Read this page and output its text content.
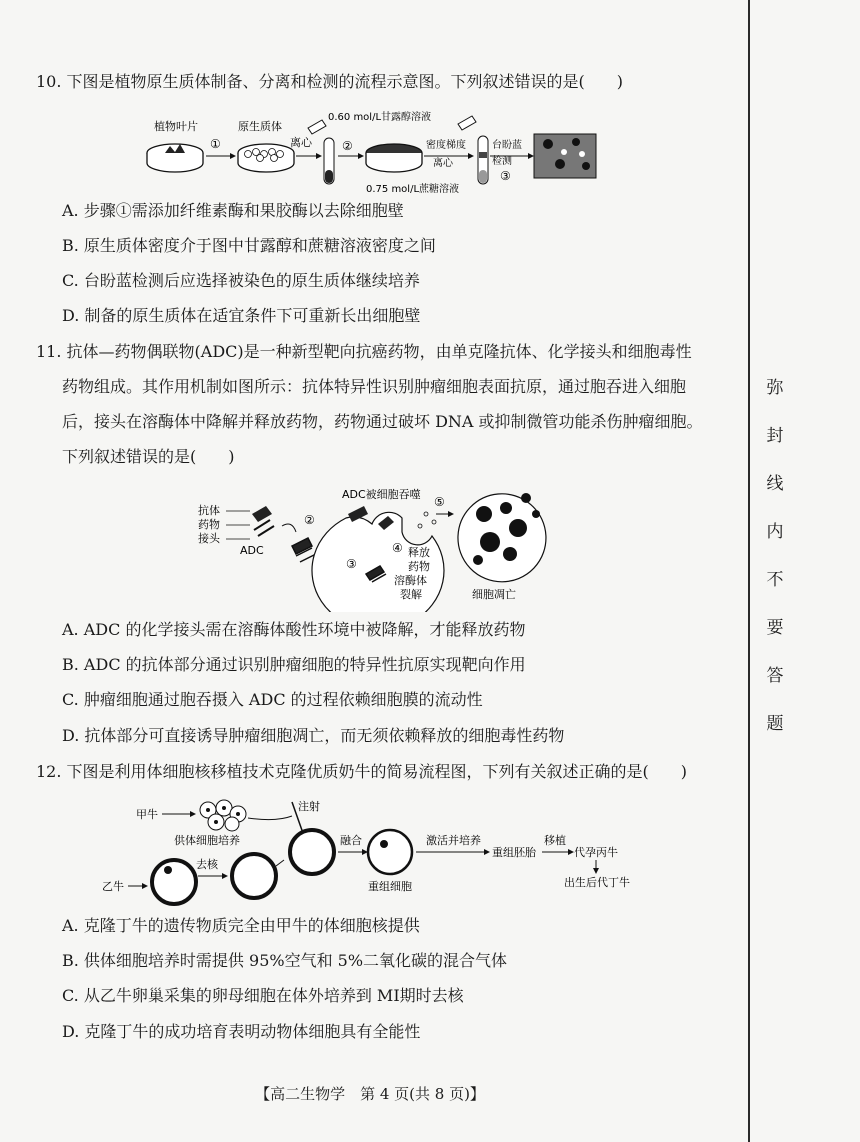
10. 下图是植物原生质体制备、分离和检测的流程示意图。下列叙述错误的是(　　)
植物叶片
①
原生质体
离心	②
0.60 mol/L甘露醇溶液
密度梯度
离心
0.75 mol/L蔗糖溶液
台盼蓝
检测
③
A. 步骤①需添加纤维素酶和果胶酶以去除细胞壁
B. 原生质体密度介于图中甘露醇和蔗糖溶液密度之间
C. 台盼蓝检测后应选择被染色的原生质体继续培养
D. 制备的原生质体在适宜条件下可重新长出细胞壁
11. 抗体—药物偶联物(ADC)是一种新型靶向抗癌药物，由单克隆抗体、化学接头和细胞毒性
药物组成。其作用机制如图所示：抗体特异性识别肿瘤细胞表面抗原，通过胞吞进入细胞
后，接头在溶酶体中降解并释放药物，药物通过破坏 DNA 或抑制微管功能杀伤肿瘤细胞。
下列叙述错误的是(　　)
抗体
药物
接头
ADC
②
ADC被细胞吞噬
③
④ 释放
药物
溶酶体
裂解
⑤
细胞凋亡
A. ADC 的化学接头需在溶酶体酸性环境中被降解，才能释放药物
B. ADC 的抗体部分通过识别肿瘤细胞的特异性抗原实现靶向作用
C. 肿瘤细胞通过胞吞摄入 ADC 的过程依赖细胞膜的流动性
D. 抗体部分可直接诱导肿瘤细胞凋亡，而无须依赖释放的细胞毒性药物
12. 下图是利用体细胞核移植技术克隆优质奶牛的简易流程图，下列有关叙述正确的是(　　)
甲牛
供体细胞培养
注射
乙牛
去核
融合
重组细胞
激活并培养
重组胚胎
移植
代孕丙牛
出生后代丁牛
A. 克隆丁牛的遗传物质完全由甲牛的体细胞核提供
B. 供体细胞培养时需提供 95%空气和 5%二氧化碳的混合气体
C. 从乙牛卵巢采集的卵母细胞在体外培养到 MⅠ期时去核
D. 克隆丁牛的成功培育表明动物体细胞具有全能性
【高二生物学　第 4 页(共 8 页)】
弥
封
线
内
不
要
答
题
